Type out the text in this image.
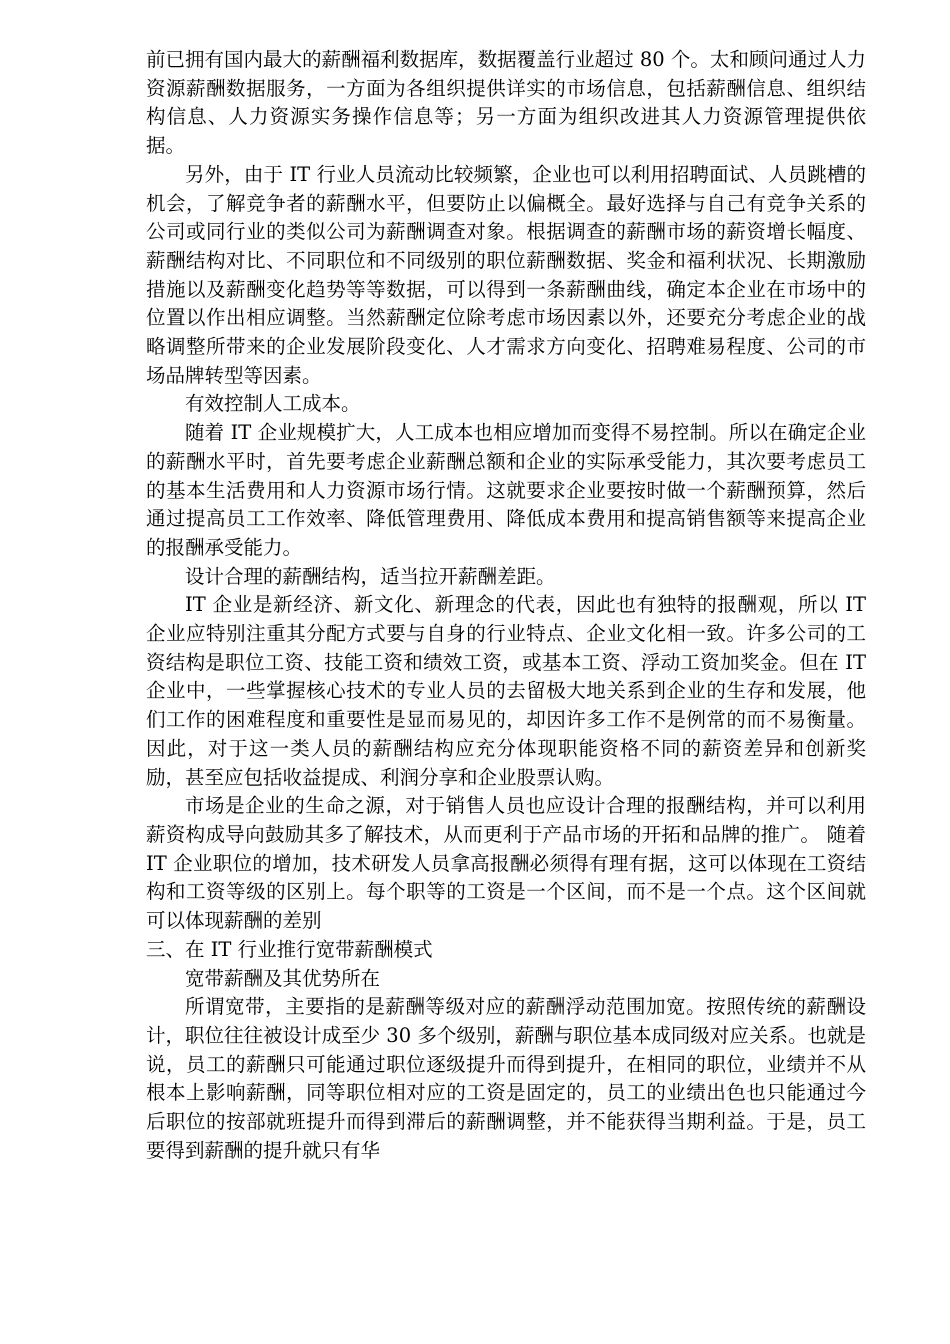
前已拥有国内最大的薪酬福利数据库，数据覆盖行业超过 80 个。太和顾问通过人力资源薪酬数据服务，一方面为各组织提供详实的市场信息，包括薪酬信息、组织结构信息、人力资源实务操作信息等；另一方面为组织改进其人力资源管理提供依据。

另外，由于 IT 行业人员流动比较频繁，企业也可以利用招聘面试、人员跳槽的机会，了解竞争者的薪酬水平，但要防止以偏概全。最好选择与自己有竞争关系的公司或同行业的类似公司为薪酬调查对象。根据调查的薪酬市场的薪资增长幅度、薪酬结构对比、不同职位和不同级别的职位薪酬数据、奖金和福利状况、长期激励措施以及薪酬变化趋势等等数据，可以得到一条薪酬曲线，确定本企业在市场中的位置以作出相应调整。当然薪酬定位除考虑市场因素以外，还要充分考虑企业的战略调整所带来的企业发展阶段变化、人才需求方向变化、招聘难易程度、公司的市场品牌转型等因素。

有效控制人工成本。

随着 IT 企业规模扩大，人工成本也相应增加而变得不易控制。所以在确定企业的薪酬水平时，首先要考虑企业薪酬总额和企业的实际承受能力，其次要考虑员工的基本生活费用和人力资源市场行情。这就要求企业要按时做一个薪酬预算，然后通过提高员工工作效率、降低管理费用、降低成本费用和提高销售额等来提高企业的报酬承受能力。

设计合理的薪酬结构，适当拉开薪酬差距。

IT 企业是新经济、新文化、新理念的代表，因此也有独特的报酬观，所以 IT 企业应特别注重其分配方式要与自身的行业特点、企业文化相一致。许多公司的工资结构是职位工资、技能工资和绩效工资，或基本工资、浮动工资加奖金。但在 IT 企业中，一些掌握核心技术的专业人员的去留极大地关系到企业的生存和发展，他们工作的困难程度和重要性是显而易见的，却因许多工作不是例常的而不易衡量。因此，对于这一类人员的薪酬结构应充分体现职能资格不同的薪资差异和创新奖励，甚至应包括收益提成、利润分享和企业股票认购。

市场是企业的生命之源，对于销售人员也应设计合理的报酬结构，并可以利用薪资构成导向鼓励其多了解技术，从而更利于产品市场的开拓和品牌的推广。 随着 IT 企业职位的增加，技术研发人员拿高报酬必须得有理有据，这可以体现在工资结构和工资等级的区别上。每个职等的工资是一个区间，而不是一个点。这个区间就可以体现薪酬的差别

三、在 IT 行业推行宽带薪酬模式

宽带薪酬及其优势所在

所谓宽带，主要指的是薪酬等级对应的薪酬浮动范围加宽。按照传统的薪酬设计，职位往往被设计成至少 30 多个级别，薪酬与职位基本成同级对应关系。也就是说，员工的薪酬只可能通过职位逐级提升而得到提升，在相同的职位，业绩并不从根本上影响薪酬，同等职位相对应的工资是固定的，员工的业绩出色也只能通过今后职位的按部就班提升而得到滞后的薪酬调整，并不能获得当期利益。于是，员工要得到薪酬的提升就只有华
